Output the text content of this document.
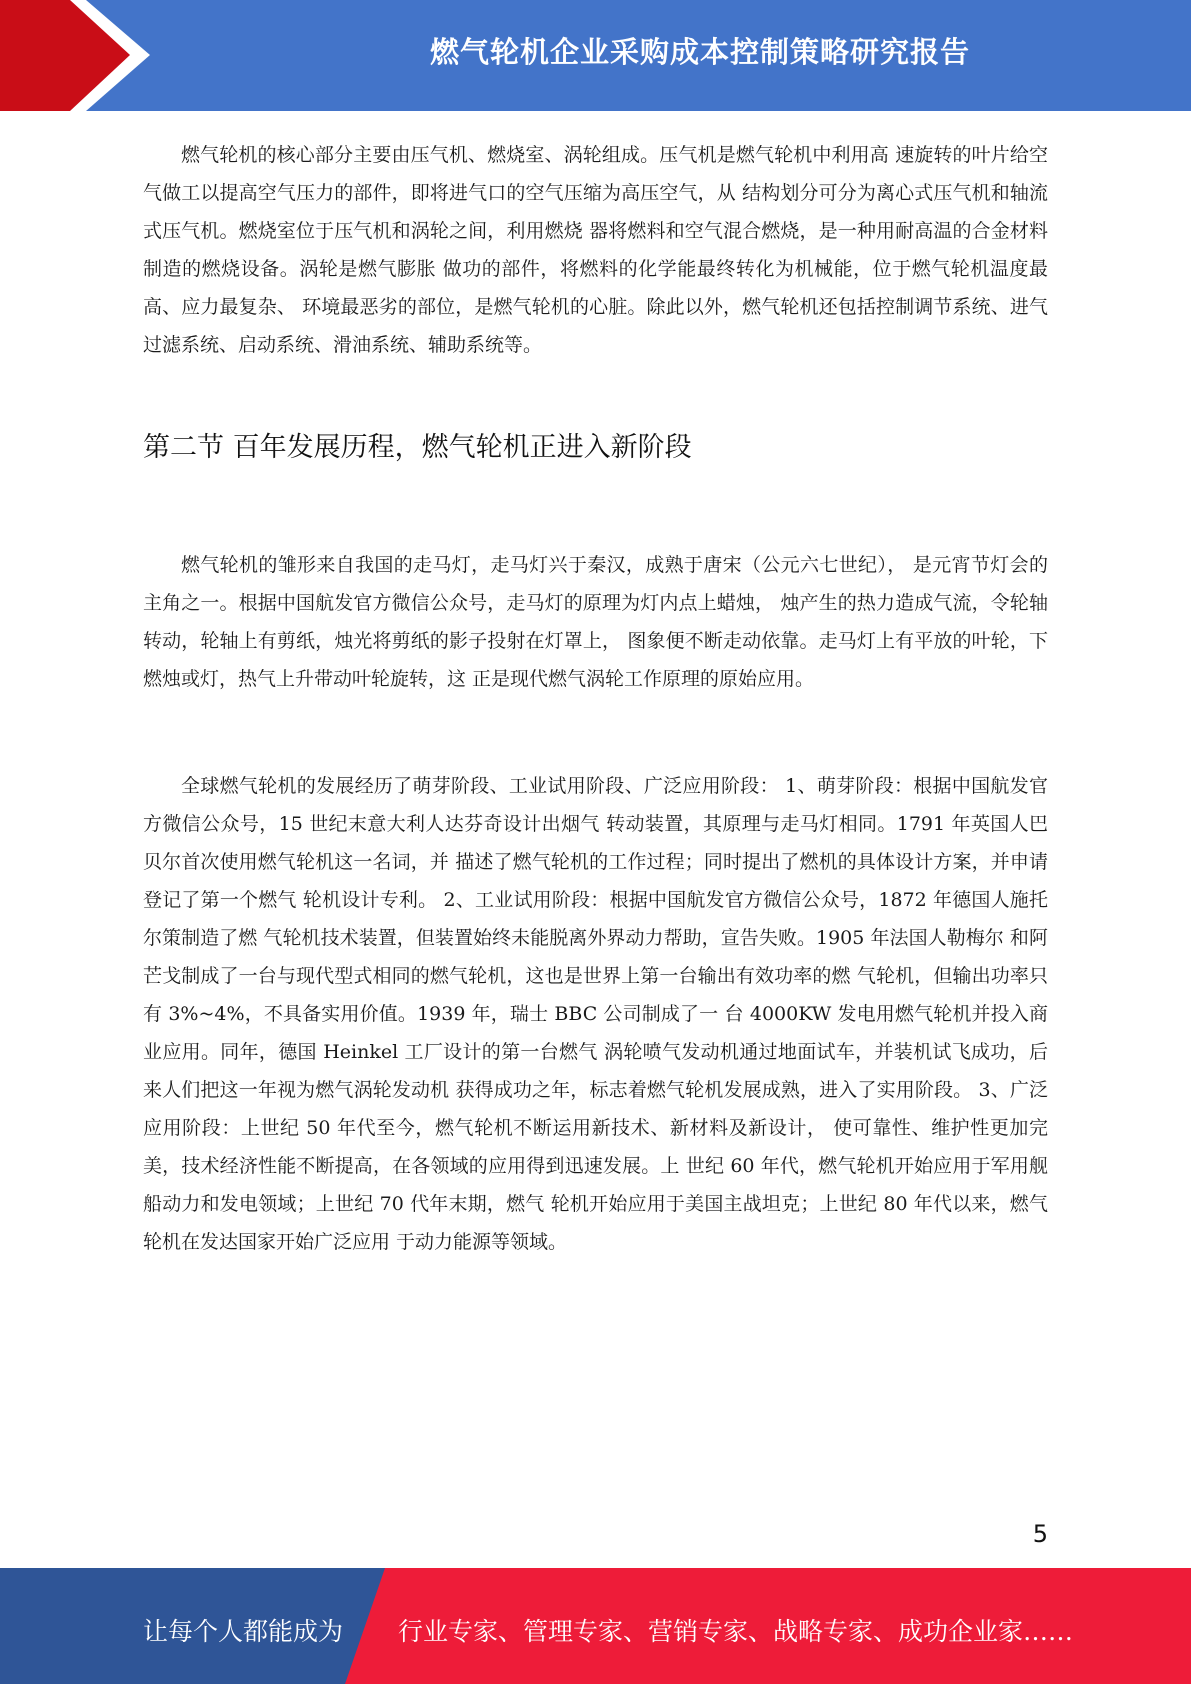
燃气轮机企业采购成本控制策略研究报告
燃气轮机的核心部分主要由压气机、燃烧室、涡轮组成。压气机是燃气轮机中利用高 速旋转的叶片给空气做工以提高空气压力的部件，即将进气口的空气压缩为高压空气，从 结构划分可分为离心式压气机和轴流式压气机。燃烧室位于压气机和涡轮之间，利用燃烧 器将燃料和空气混合燃烧，是一种用耐高温的合金材料制造的燃烧设备。涡轮是燃气膨胀 做功的部件，将燃料的化学能最终转化为机械能，位于燃气轮机温度最高、应力最复杂、 环境最恶劣的部位，是燃气轮机的心脏。除此以外，燃气轮机还包括控制调节系统、进气 过滤系统、启动系统、滑油系统、辅助系统等。
第二节 百年发展历程，燃气轮机正进入新阶段
燃气轮机的雏形来自我国的走马灯，走马灯兴于秦汉，成熟于唐宋（公元六七世纪）， 是元宵节灯会的主角之一。根据中国航发官方微信公众号，走马灯的原理为灯内点上蜡烛， 烛产生的热力造成气流，令轮轴转动，轮轴上有剪纸，烛光将剪纸的影子投射在灯罩上， 图象便不断走动依靠。走马灯上有平放的叶轮，下燃烛或灯，热气上升带动叶轮旋转，这 正是现代燃气涡轮工作原理的原始应用。
全球燃气轮机的发展经历了萌芽阶段、工业试用阶段、广泛应用阶段： 1、萌芽阶段：根据中国航发官方微信公众号，15 世纪末意大利人达芬奇设计出烟气 转动装置，其原理与走马灯相同。1791 年英国人巴贝尔首次使用燃气轮机这一名词，并 描述了燃气轮机的工作过程；同时提出了燃机的具体设计方案，并申请登记了第一个燃气 轮机设计专利。 2、工业试用阶段：根据中国航发官方微信公众号，1872 年德国人施托尔策制造了燃 气轮机技术装置，但装置始终未能脱离外界动力帮助，宣告失败。1905 年法国人勒梅尔 和阿芒戈制成了一台与现代型式相同的燃气轮机，这也是世界上第一台输出有效功率的燃 气轮机，但输出功率只有 3%~4%，不具备实用价值。1939 年，瑞士 BBC 公司制成了一 台 4000KW 发电用燃气轮机并投入商业应用。同年，德国 Heinkel 工厂设计的第一台燃气 涡轮喷气发动机通过地面试车，并装机试飞成功，后来人们把这一年视为燃气涡轮发动机 获得成功之年，标志着燃气轮机发展成熟，进入了实用阶段。 3、广泛应用阶段：上世纪 50 年代至今，燃气轮机不断运用新技术、新材料及新设计， 使可靠性、维护性更加完美，技术经济性能不断提高，在各领域的应用得到迅速发展。上 世纪 60 年代，燃气轮机开始应用于军用舰船动力和发电领域；上世纪 70 代年末期，燃气 轮机开始应用于美国主战坦克；上世纪 80 年代以来，燃气轮机在发达国家开始广泛应用 于动力能源等领域。
5
让每个人都能成为 行业专家、管理专家、营销专家、战略专家、成功企业家……
